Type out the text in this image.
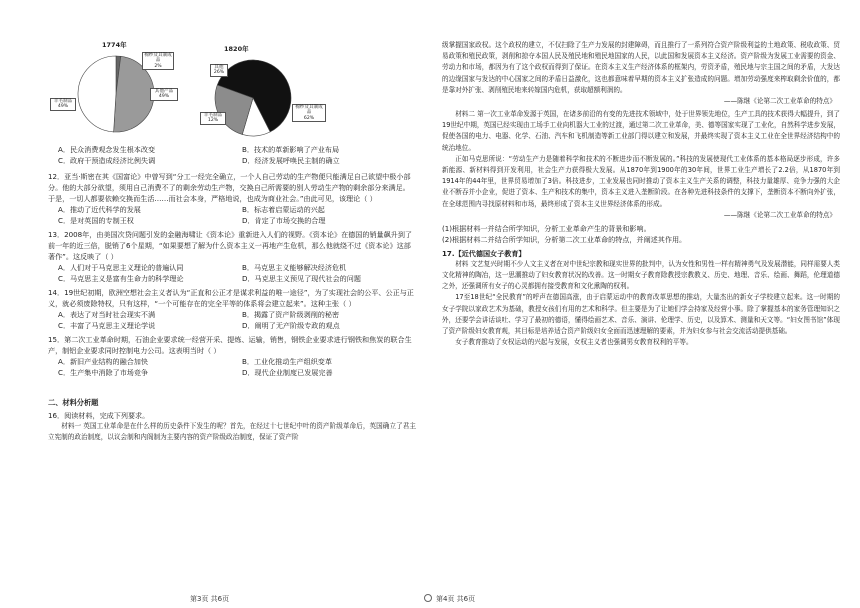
1774年	1820年
棉纱及其制成品
2%
其他产品
49%
羊毛制品
49%
其他
26%
羊毛制品
12%
棉纱及其制成品
62%
A．民众消费观念发生根本改变	B．技术的革新影响了产业布局
C．政府干预造成经济比例失调	D．经济发展呼唤民主制的确立

12．亚当·斯密在其《国富论》中曾写到“分工一经完全确立，一个人自己劳动的生产物便只能满足自己欲望中极小部分。他的大部分欲望，须用自己消费不了的剩余劳动生产物，交换自己所需要的别人劳动生产物的剩余部分来满足。于是，一切人都要依赖交换而生活……而社会本身，严格地说，也成为商业社会。”由此可见，该理论（ ）

A．推动了近代科学的发展	B．标志着启蒙运动的兴起
C．是对英国的专制王权	D．肯定了市场交换的合理

13．2008年，由美国次贷问题引发的金融海啸让《资本论》重新进入人们的视野。《资本论》在德国的销量飙升到了前一年的近三倍，脱销了6个星期，“如果要想了解为什么资本主义一再地产生危机，那么他就绕不过《资本论》这部著作”。这反映了（ ）

A．人们对于马克思主义理论的普遍认同	B．马克思主义能够解决经济危机
C．马克思主义是富有生命力的科学理论	D．马克思主义预见了现代社会的问题

14．19世纪初期，欧洲空想社会主义者认为“正直和公正才是谋求利益的唯一途径”，为了实现社会的公平、公正与正义，就必须废除特权，只有这样，“一个可能存在的完全平等的体系将会建立起来”。这种主张（ ）

A．表达了对当时社会现实不满	B．揭露了资产阶级剥削的秘密
C．丰富了马克思主义理论学说	D．阐明了无产阶级专政的观点

15．第二次工业革命时期，石油企业要求统一经营开采、提炼、运输，销售，钢铁企业要求进行钢铁和焦炭的联合生产，制铝企业要求同时控制电力公司。这表明当时（ ）

A．新旧产业结构的融合加快	B．工业化推动生产组织变革
C．生产集中消除了市场竞争	D．现代企业制度已发展完善
二、材料分析题

16．阅读材料，完成下列要求。

材料一 英国工业革命是在什么样的历史条件下发生的呢？首先，在经过十七世纪中叶的资产阶级革命后，英国确立了君主立宪制的政治制度，以议会制和内阁制为主要内容的资产阶级政治制度，保证了资产阶

第3页 共6页

级掌握国家政权。这个政权的建立，不仅扫除了生产力发展的封建障碍，而且推行了一系列符合资产阶级利益的土地政策、税收政策、贸易政策和殖民政策，剥削和掠夺本国人民及殖民地和殖民地国家的人民，以此国和发展资本主义经济。资产阶级为发展工业需要的资金、劳动力和市场，都因为有了这个政权而得到了保证。在资本主义生产经济体系的框架内，劳资矛盾，殖民地与宗主国之间的矛盾，大发达的边缘国家与发达的中心国家之间的矛盾日益激化，这也都意味着早期的资本主义扩张造成的问题。增加劳动强度来榨取剩余价值的，都是靠对外扩张、剥削殖民地来转嫁国内危机，获取超额利润的。

——陈继《论第二次工业革命的特点》

材料二 第一次工业革命发源于英国，在诸多前沿的有变的先进技术领域中，处于世界领先地位，生产工具的技术获得大幅提升，到了19世纪中期，英国已经实现由工场手工业向机器大工业的过渡，通过第二次工业革命，美、德等国家实现了工业化，自然科学进步发展，促使各国的电力、电器、化学、石油、汽车和飞机制造等新工业部门得以建立和发展，并最终实现了资本主义工业在全世界经济结构中的统治地位。

正如马克思所说：“劳动生产力是随着科学和技术的不断进步而不断发展的。”科技的发展使现代工业体系的基本格局逐步形成，许多新能源、新材料得到开发利用，社会生产力获得极大发展。从1870年到1900年的30年间，世界工业生产增长了2.2倍，从1870年到1914年的44年里，世界贸易增加了3倍。科技进步，工业发展也同时推动了资本主义生产关系的调整，科技力量雄厚、竞争力强的大企业不断吞并小企业，促进了资本、生产和技术的集中，资本主义进入垄断阶段。在各种先进科技条件的支撑下，垄断资本不断向外扩张，在全球范围内寻找原材料和市场，最终形成了资本主义世界经济体系的形成。

——陈继《论第二次工业革命的特点》

(1)根据材料一并结合所学知识，分析工业革命产生的背景和影响。

(2)根据材料二并结合所学知识，分析第二次工业革命的特点，并阐述其作用。

17.【近代德国女子教育】

材料 文艺复兴时期不少人文主义者在对中世纪宗教和现实世界的批判中，认为女性和男性一样有精神勇气及发展潜能，同样需要人类文化精神的陶冶，这一思潮推动了妇女教育状况的改善。这一时期女子教育除教授宗教教义、历史、地理、音乐、绘画、舞蹈，伦理道德之外，还强调所有女子的心灵都拥有接受教育和文化熏陶的权利。

17至18世纪“全民教育”的呼声在德国高涨，由于启蒙运动中的教育改革思想的推动，大量杰出的新女子学校建立起来。这一时期的女子学院以家政艺术为基础，教授女孩们有用的艺术和科学。但主要是为了让她们学会持家及经营小事。除了掌握基本的家务管理知识之外，还要学会讲话谈吐、学习了最初的德语，懂得绘画艺术、音乐、演讲、伦理学、历史，以及算术、测量和天文等。“妇女图书馆”体现了资产阶级妇女教育观，其目标是培养适合资产阶级妇女全面而迅速理解的要素，并为妇女参与社会交流活动提供基础。

女子教育推动了女权运动的兴起与发展，女权主义者也强调男女教育权利的平等。

第4页 共6页
